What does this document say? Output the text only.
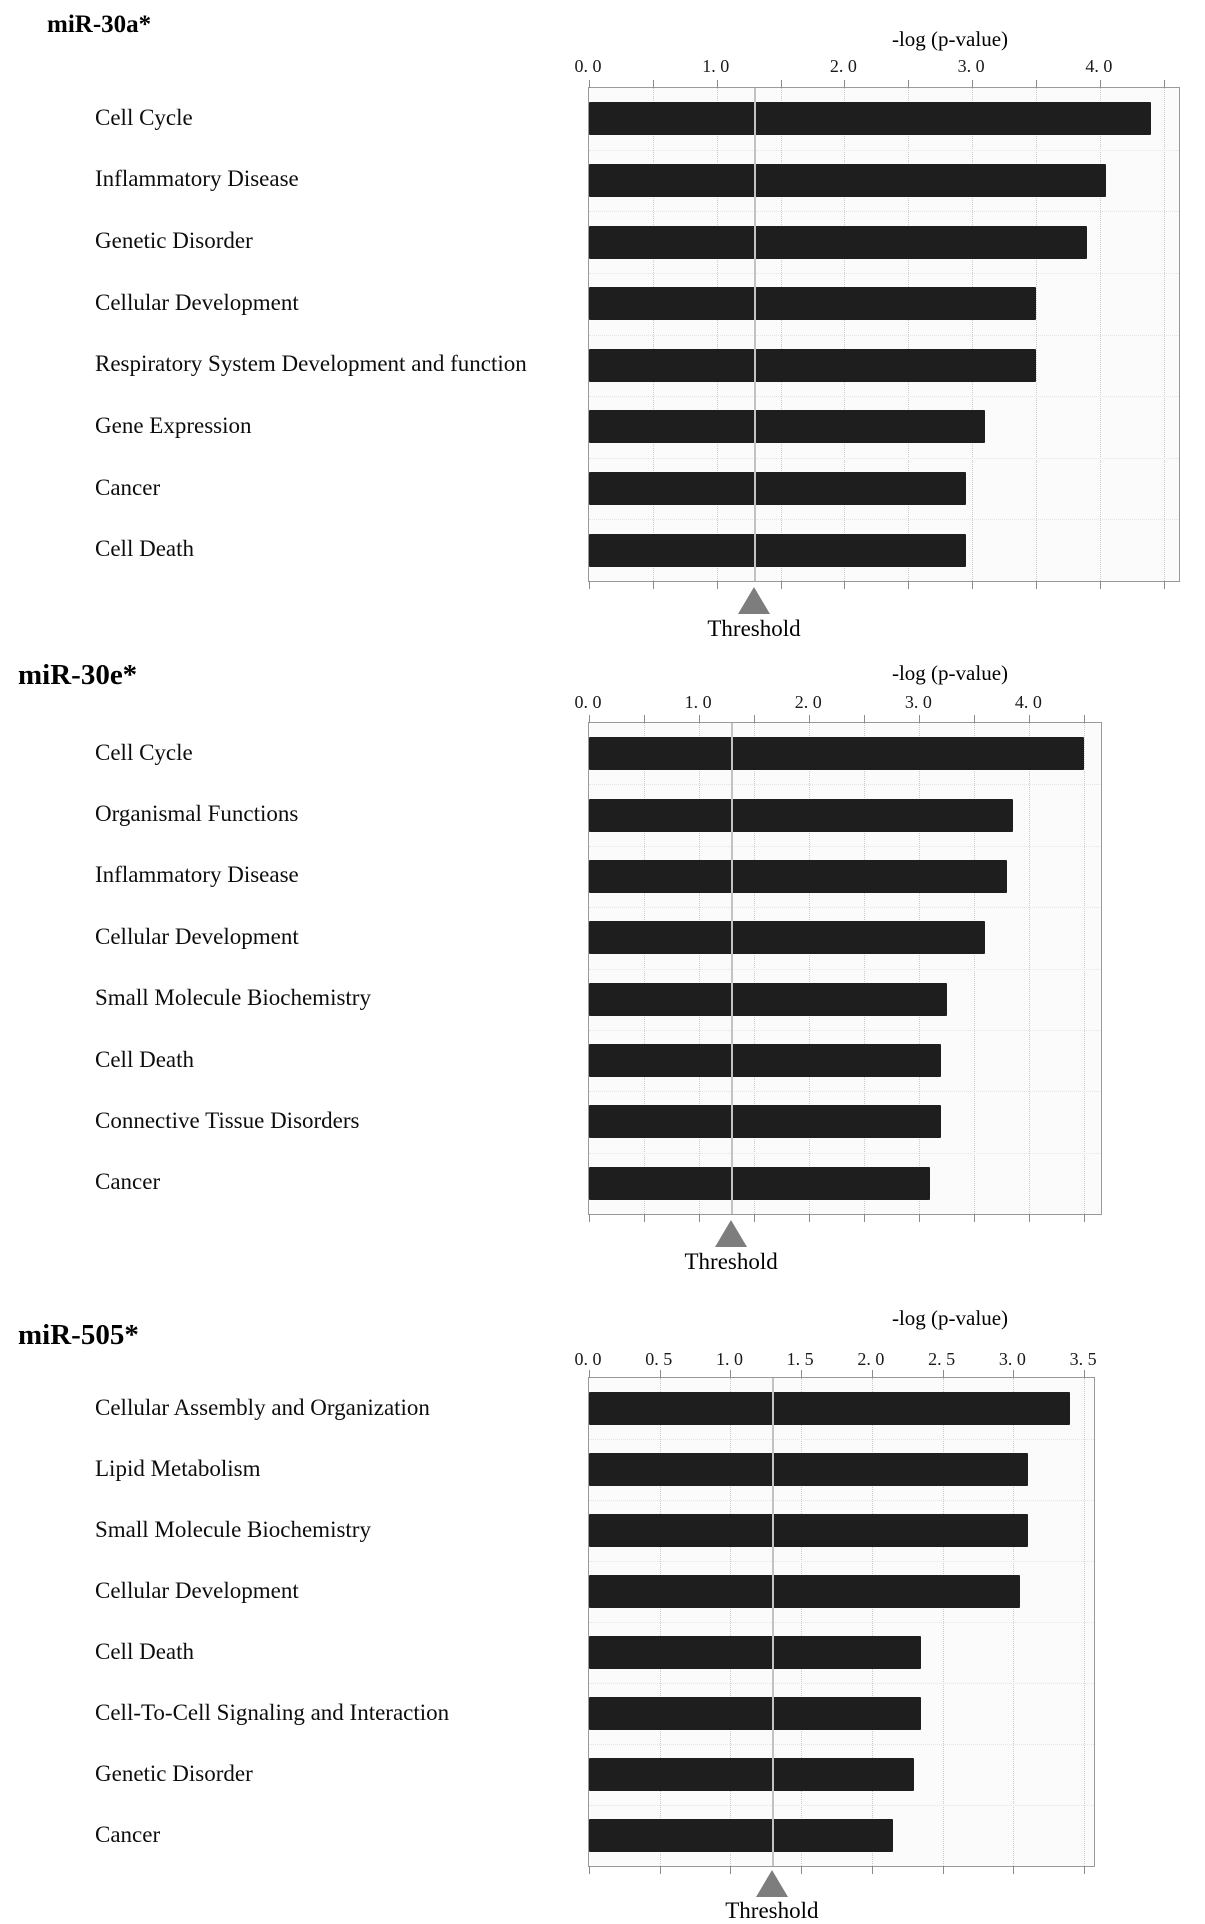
miR-30a*
-log (p-value)
0. 0	1. 0	2. 0	3. 0	4. 0
Cell Cycle
Inflammatory Disease
Genetic Disorder
Cellular Development
Respiratory System Development and function
Gene Expression
Cancer
Cell Death
Threshold
miR-30e*	-log (p-value)
0. 0	1. 0	2. 0	3. 0	4. 0
Cell Cycle
Organismal Functions
Inflammatory Disease
Cellular Development
Small Molecule Biochemistry
Cell Death
Connective Tissue Disorders
Cancer
Threshold
miR-505*
-log (p-value)
0. 0	0. 5	1. 0	1. 5	2. 0	2. 5	3. 0	3. 5
Cellular Assembly and Organization
Lipid Metabolism
Small Molecule Biochemistry
Cellular Development
Cell Death
Cell-To-Cell Signaling and Interaction
Genetic Disorder
Cancer
Threshold
